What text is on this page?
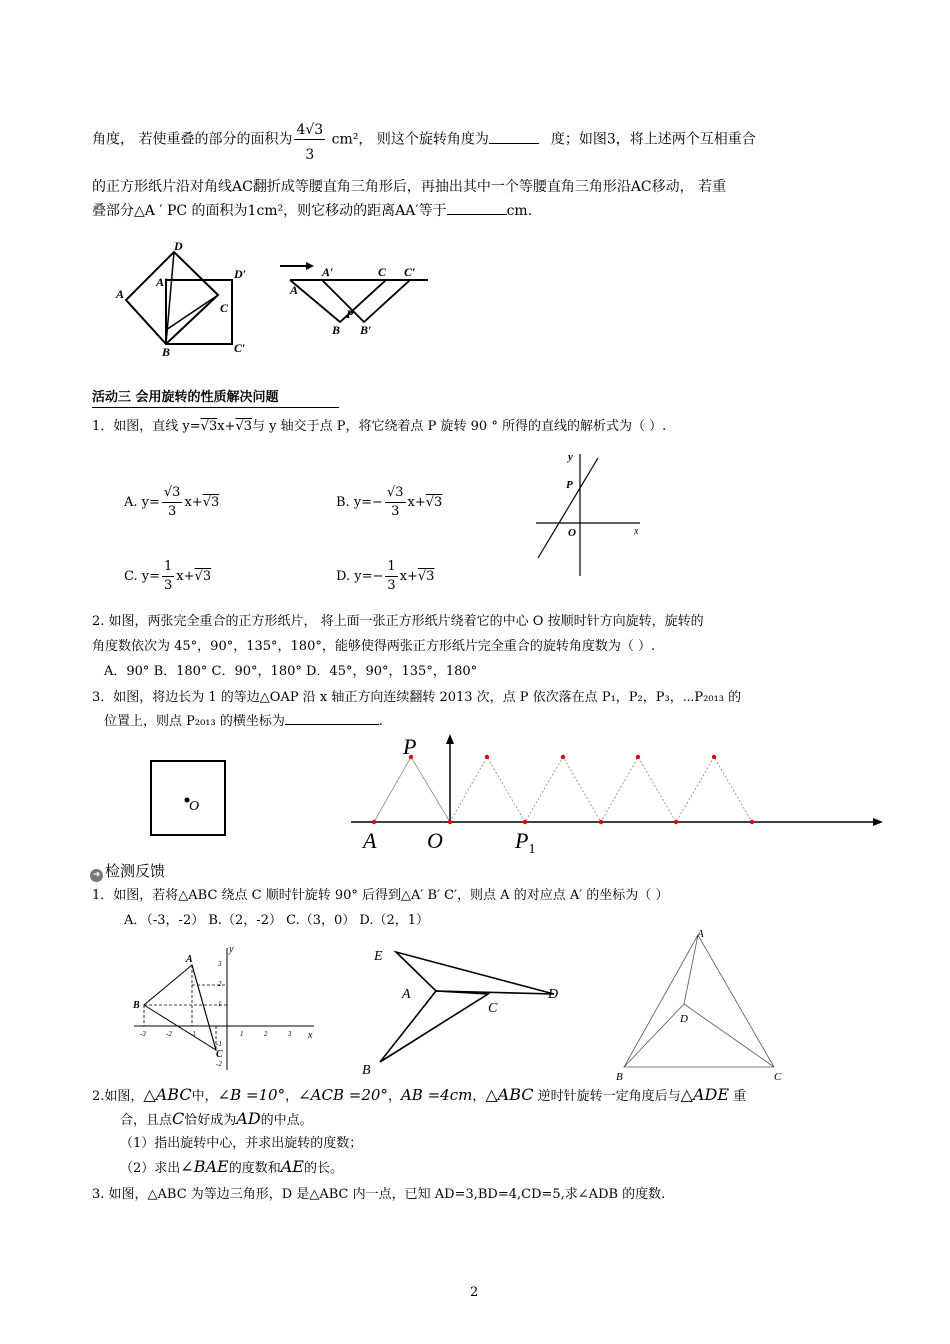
角度， 若使重叠的部分的面积为 $\frac{4√3}{3} cm^2$， 则这个旋转角度为	度；如图3，将上述两个互相重合
的正方形纸片沿对角线AC翻折成等腰直角三角形后，再抽出其中一个等腰直角三角形沿AC移动， 若重
叠部分△A ′ PC 的面积为1cm²，则它移动的距离AA′等于	cm.
D
A
A′
D′
C
B	C′
A′	C C′
A
P
B B′
活动三 会用旋转的性质解决问题
1．如图，直线 y=√3x+√3与 y 轴交于点 P，将它绕着点 P 旋转 90 ° 所得的直线的解析式为（ ）.
A. $y= \frac{√3}{3} x+√3$	B. $y=- \frac{√3}{3} x+√3$
C. $y= \frac{1}{3} x+√3$	D. $y=- \frac{1}{3} x+√3$
y
P
O	x
2. 如图，两张完全重合的正方形纸片， 将上面一张正方形纸片绕着它的中心 O 按顺时针方向旋转，旋转的
角度数依次为 45°，90°，135°，180°，能够使得两张正方形纸片完全重合的旋转角度数为（ ）.
A．90° B．180° C．90°，180° D．45°，90°，135°，180°
3．如图，将边长为 1 的等边△OAP 沿 x 轴正方向连续翻转 2013 次，点 P 依次落在点 P₁，P₂，P₃，⋯P₂₀₁₃ 的
位置上，则点 P₂₀₁₃ 的横坐标为	.
O
P
A O	$P_1$
➜ 检测反馈
1．如图，若将△ABC 绕点 C 顺时针旋转 90° 后得到△A′ B′ C′，则点 A 的对应点 A′ 的坐标为（ ）
A．（-3，-2） B.（2，-2） C.（3，0） D.（2，1）
y
A
B
C
x
3
2
1
-1
-2
-3	-2	-1	1	2	3
E
A	D
C
B
A
D
B	C
2.如图，△ABC中，∠B =10°，∠ACB =20°，AB =4cm，△ABC 逆时针旋转一定角度后与△ADE 重
合，且点C恰好成为AD的中点。
（1）指出旋转中心，并求出旋转的度数；
（2）求出∠BAE的度数和AE的长。
3. 如图，△ABC 为等边三角形，D 是△ABC 内一点，已知 AD=3,BD=4,CD=5,求∠ADB 的度数.
2
